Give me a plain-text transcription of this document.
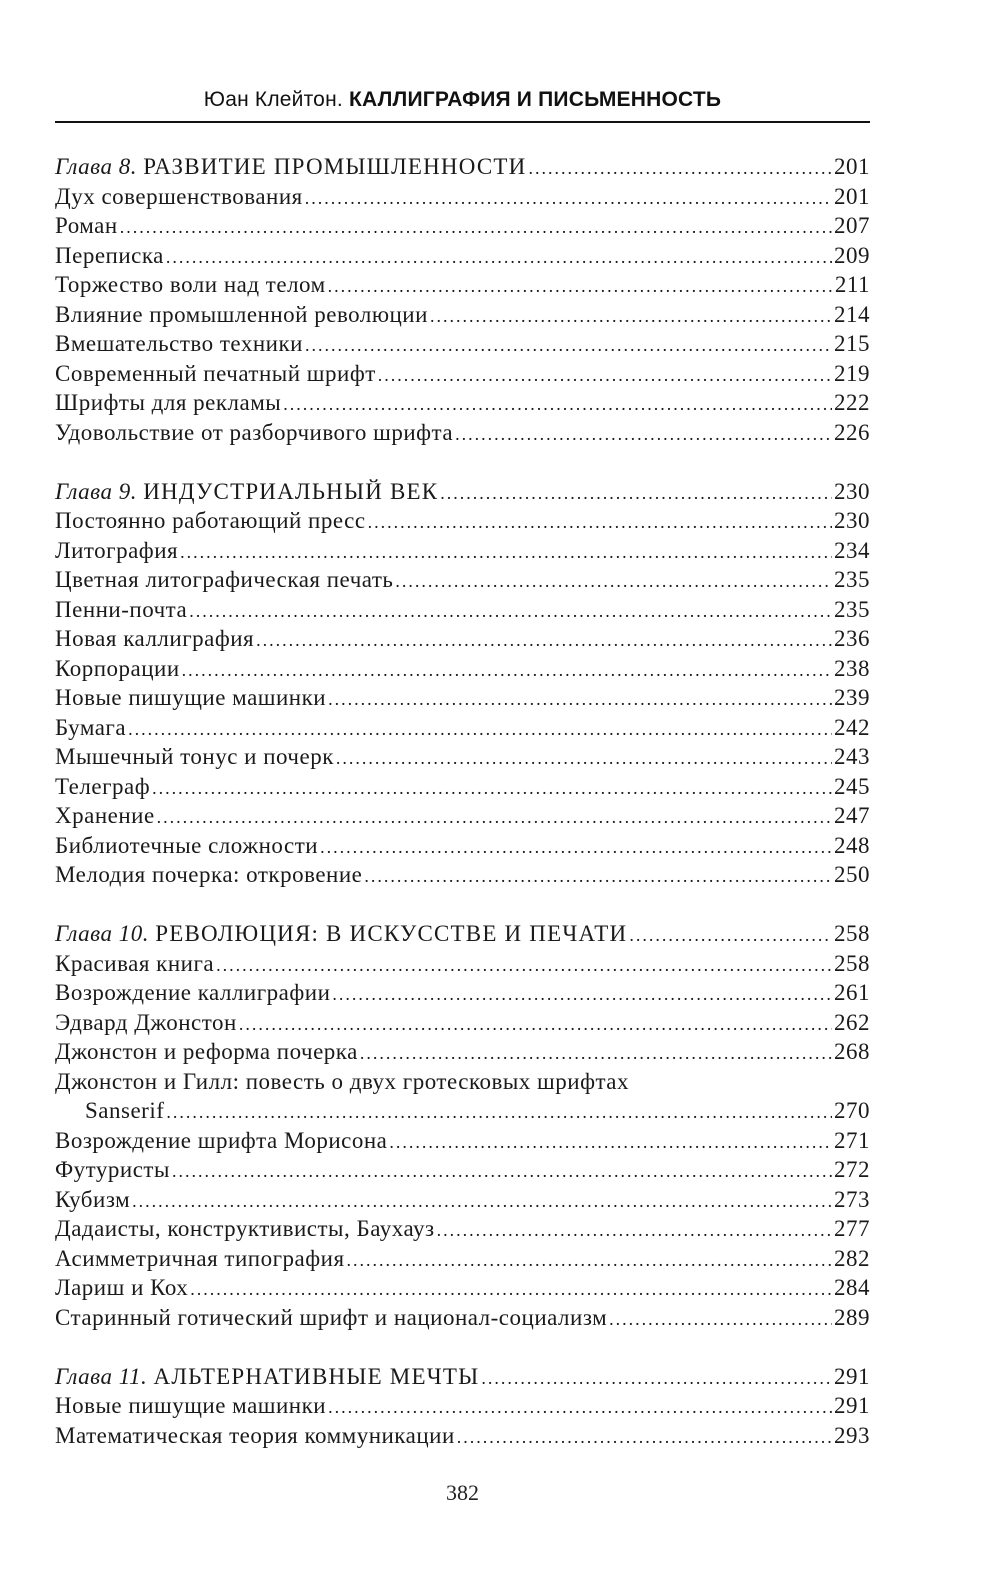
Юан Клейтон. КАЛЛИГРАФИЯ И ПИСЬМЕННОСТЬ
Глава 8. РАЗВИТИЕ ПРОМЫШЛЕННОСТИ .....	201
Дух совершенствования .....	201
Роман .....	207
Переписка .....	209
Торжество воли над телом .....	211
Влияние промышленной революции .....	214
Вмешательство техники .....	215
Современный печатный шрифт .....	219
Шрифты для рекламы .....	222
Удовольствие от разборчивого шрифта .....	226
Глава 9. ИНДУСТРИАЛЬНЫЙ ВЕК .....	230
Постоянно работающий пресс .....	230
Литография .....	234
Цветная литографическая печать .....	235
Пенни-почта .....	235
Новая каллиграфия .....	236
Корпорации .....	238
Новые пишущие машинки .....	239
Бумага .....	242
Мышечный тонус и почерк .....	243
Телеграф .....	245
Хранение .....	247
Библиотечные сложности .....	248
Мелодия почерка: откровение .....	250
Глава 10. РЕВОЛЮЦИЯ: В ИСКУССТВЕ И ПЕЧАТИ .....	258
Красивая книга .....	258
Возрождение каллиграфии .....	261
Эдвард Джонстон .....	262
Джонстон и реформа почерка .....	268
Джонстон и Гилл: повесть о двух гротесковых шрифтах
Sanserif .....	270
Возрождение шрифта Морисона .....	271
Футуристы .....	272
Кубизм .....	273
Дадаисты, конструктивисты, Баухауз .....	277
Асимметричная типография .....	282
Лариш и Кох .....	284
Старинный готический шрифт и национал-социализм .....	289
Глава 11. АЛЬТЕРНАТИВНЫЕ МЕЧТЫ .....	291
Новые пишущие машинки .....	291
Математическая теория коммуникации .....	293
382
